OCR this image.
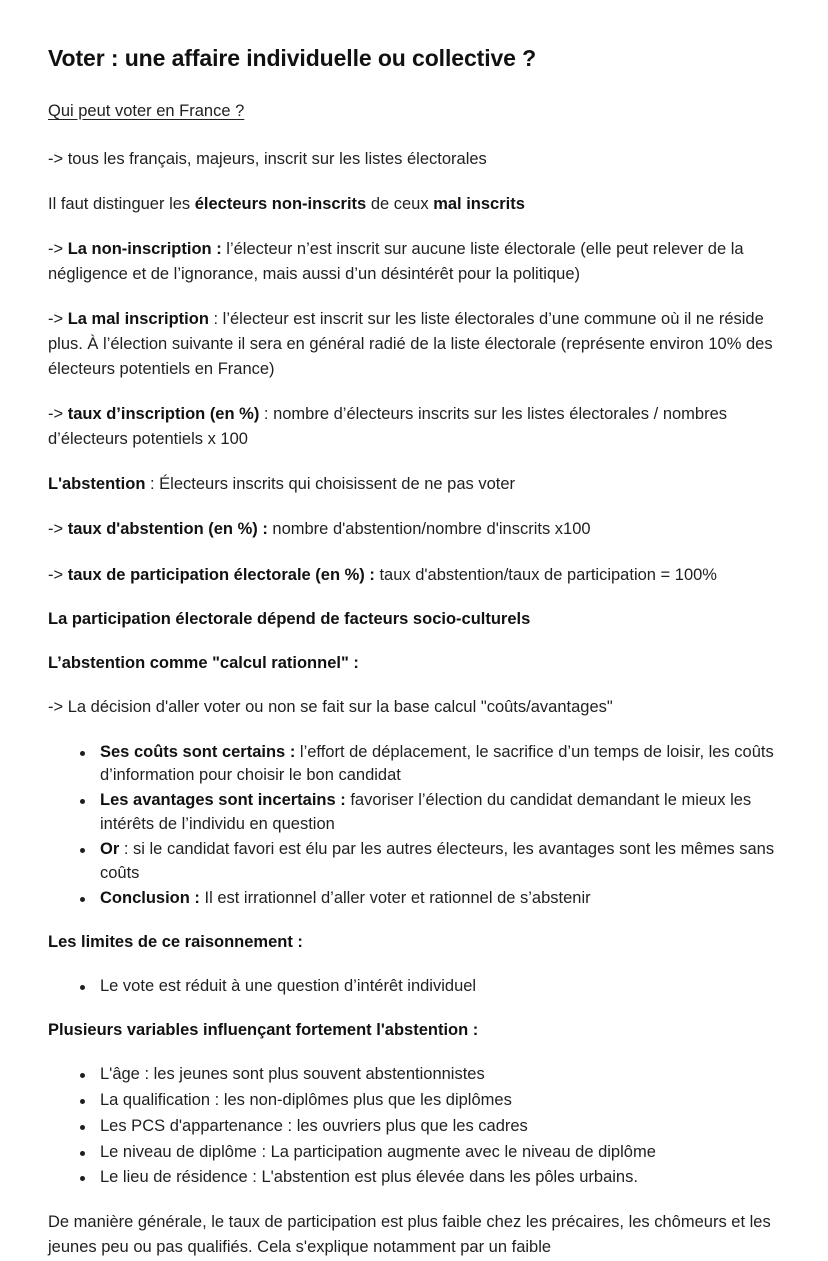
Voter : une affaire individuelle ou collective ?
Qui peut voter en France ?

-> tous les français, majeurs, inscrit sur les listes électorales

Il faut distinguer les électeurs non-inscrits de ceux mal inscrits

-> La non-inscription : l’électeur n’est inscrit sur aucune liste électorale (elle peut relever de la négligence et de l’ignorance, mais aussi d’un désintérêt pour la politique)

-> La mal inscription : l’électeur est inscrit sur les liste électorales d’une commune où il ne réside plus. À l’élection suivante il sera en général radié de la liste électorale (représente environ 10% des électeurs potentiels en France)

-> taux d’inscription (en %) : nombre d’électeurs inscrits sur les listes électorales / nombres d’électeurs potentiels x 100

L'abstention : Électeurs inscrits qui choisissent de ne pas voter

-> taux d'abstention (en %) : nombre d'abstention/nombre d'inscrits x100

-> taux de participation électorale (en %) : taux d'abstention/taux de participation = 100%

La participation électorale dépend de facteurs socio-culturels
L’abstention comme "calcul rationnel" :

-> La décision d'aller voter ou non se fait sur la base calcul "coûts/avantages"

Ses coûts sont certains : l’effort de déplacement, le sacrifice d’un temps de loisir, les coûts d’information pour choisir le bon candidat
Les avantages sont incertains : favoriser l’élection du candidat demandant le mieux les intérêts de l’individu en question
Or : si le candidat favori est élu par les autres électeurs, les avantages sont les mêmes sans coûts
Conclusion : Il est irrationnel d’aller voter et rationnel de s’abstenir
Les limites de ce raisonnement :
Le vote est réduit à une question d’intérêt individuel
Plusieurs variables influençant fortement l'abstention :
L'âge : les jeunes sont plus souvent abstentionnistes
La qualification : les non-diplômes plus que les diplômes
Les PCS d'appartenance : les ouvriers plus que les cadres
Le niveau de diplôme : La participation augmente avec le niveau de diplôme
Le lieu de résidence : L'abstention est plus élevée dans les pôles urbains.

De manière générale, le taux de participation est plus faible chez les précaires, les chômeurs et les jeunes peu ou pas qualifiés. Cela s'explique notamment par un faible
